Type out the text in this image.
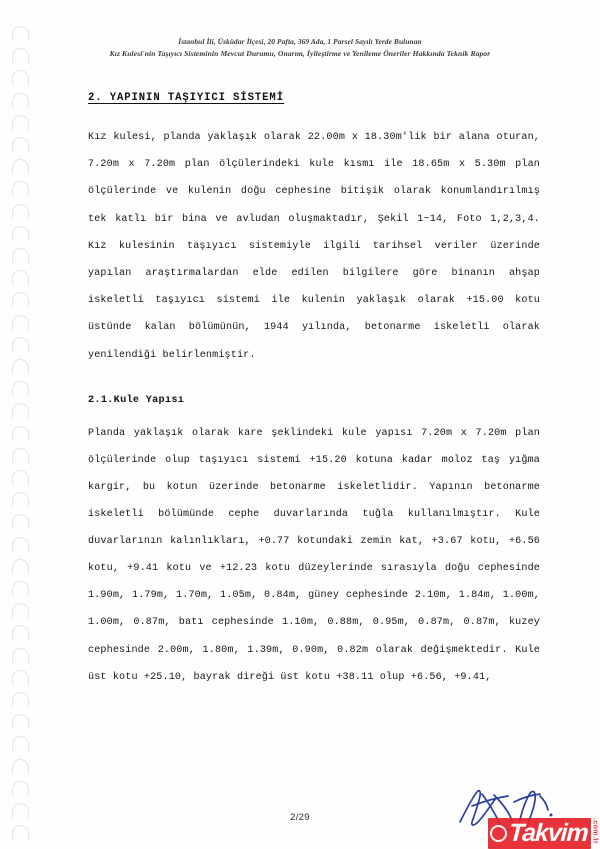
İstanbul İli, Üsküdar İlçesi, 20 Pafta, 369 Ada, 1 Parsel Sayılı Yerde Bulunan
Kız Kulesi'nin Taşıyıcı Sisteminin Mevcut Durumu, Onarım, İyileştirme ve Yenileme Öneriler Hakkında Teknik Rapor
2. YAPININ TAŞIYICI SİSTEMİ

Kız kulesi, planda yaklaşık olarak 22.00m x 18.30m'lik bir alana oturan, 7.20m x 7.20m plan ölçülerindeki kule kısmı ile 18.65m x 5.30m plan ölçülerinde ve kulenin doğu cephesine bitişik olarak konumlandırılmış tek katlı bir bina ve avludan oluşmaktadır, Şekil 1~14, Foto 1,2,3,4. Kız kulesinin taşıyıcı sistemiyle ilgili tarihsel veriler üzerinde yapılan araştırmalardan elde edilen bilgilere göre binanın ahşap iskeletli taşıyıcı sistemi ile kulenin yaklaşık olarak +15.00 kotu üstünde kalan bölümünün, 1944 yılında, betonarme iskeletli olarak yenilendiği belirlenmiştir.

2.1.Kule Yapısı

Planda yaklaşık olarak kare şeklindeki kule yapısı 7.20m x 7.20m plan ölçülerinde olup taşıyıcı sistemi +15.20 kotuna kadar moloz taş yığma kargir, bu kotun üzerinde betonarme iskeletlidir. Yapının betonarme iskeletli bölümünde cephe duvarlarında tuğla kullanılmıştır. Kule duvarlarının kalınlıkları, +0.77 kotundaki zemin kat, +3.67 kotu, +6.56 kotu, +9.41 kotu ve +12.23 kotu düzeylerinde sırasıyla doğu cephesinde 1.90m, 1.79m, 1.70m, 1.05m, 0.84m, güney cephesinde 2.10m, 1.84m, 1.00m, 1.00m, 0.87m, batı cephesinde 1.10m, 0.88m, 0.95m, 0.87m, 0.87m, kuzey cephesinde 2.00m, 1.80m, 1.39m, 0.90m, 0.82m olarak değişmektedir. Kule üst kotu +25.10, bayrak direği üst kotu +38.11 olup +6.56, +9.41,

2/29
Takvim .com.tr
